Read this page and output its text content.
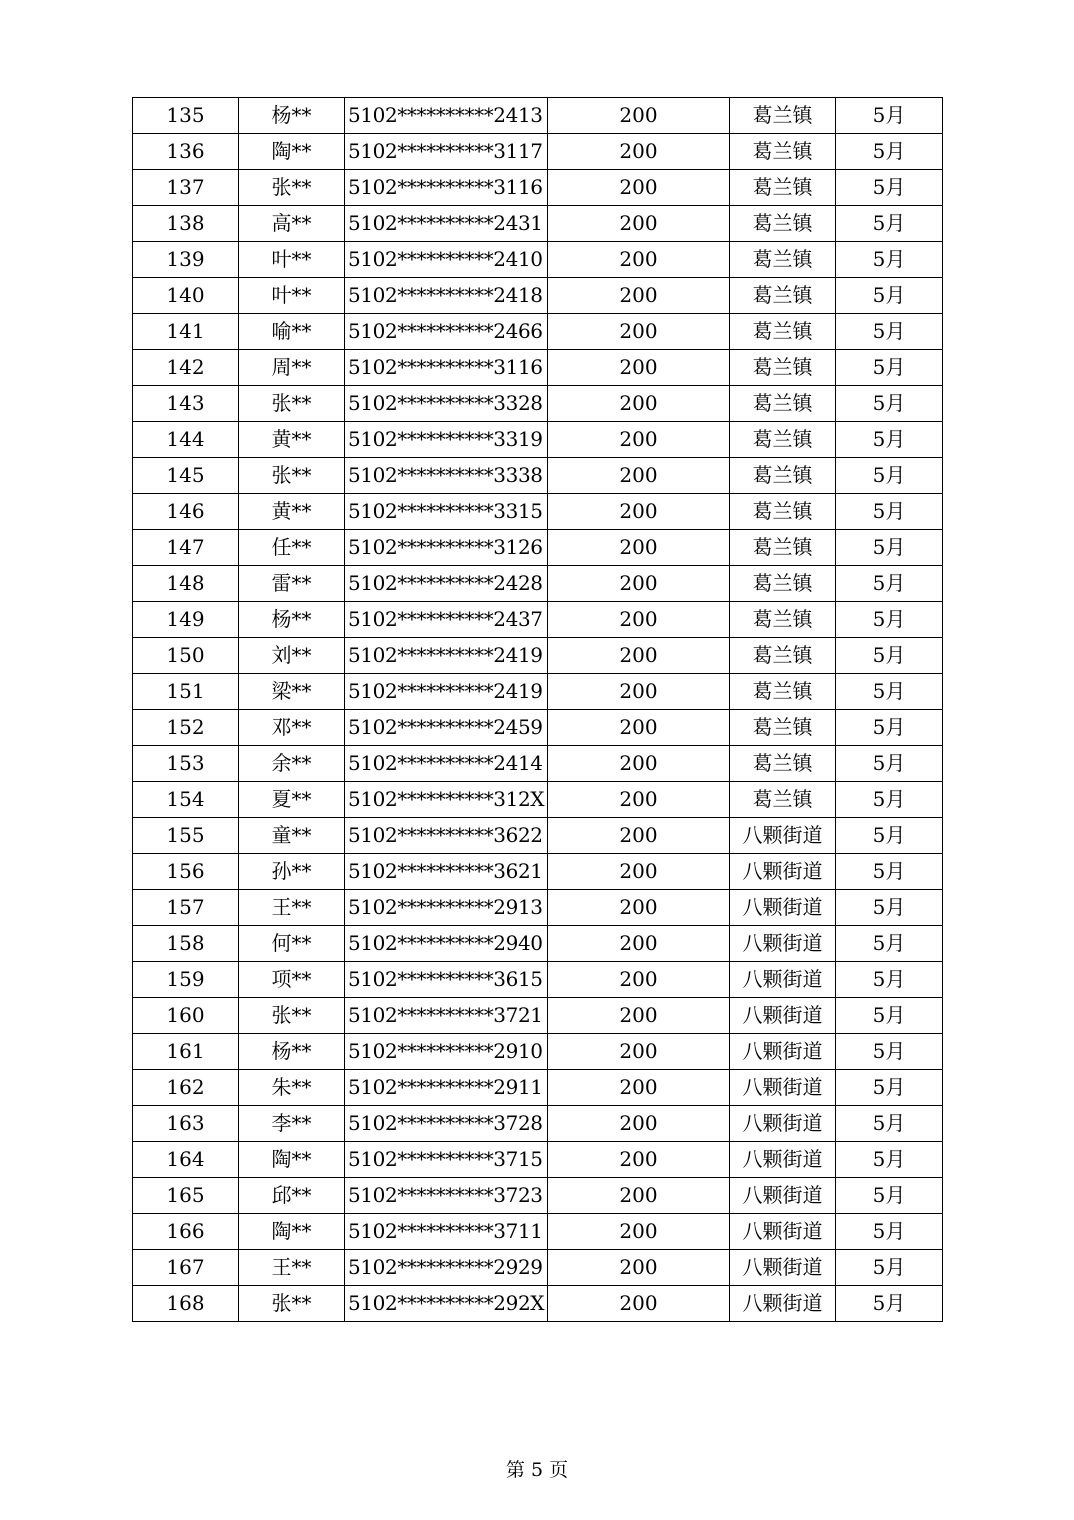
135	杨**	5102**********2413	200	葛兰镇	5月
136	陶**	5102**********3117	200	葛兰镇	5月
137	张**	5102**********3116	200	葛兰镇	5月
138	高**	5102**********2431	200	葛兰镇	5月
139	叶**	5102**********2410	200	葛兰镇	5月
140	叶**	5102**********2418	200	葛兰镇	5月
141	喻**	5102**********2466	200	葛兰镇	5月
142	周**	5102**********3116	200	葛兰镇	5月
143	张**	5102**********3328	200	葛兰镇	5月
144	黄**	5102**********3319	200	葛兰镇	5月
145	张**	5102**********3338	200	葛兰镇	5月
146	黄**	5102**********3315	200	葛兰镇	5月
147	任**	5102**********3126	200	葛兰镇	5月
148	雷**	5102**********2428	200	葛兰镇	5月
149	杨**	5102**********2437	200	葛兰镇	5月
150	刘**	5102**********2419	200	葛兰镇	5月
151	梁**	5102**********2419	200	葛兰镇	5月
152	邓**	5102**********2459	200	葛兰镇	5月
153	余**	5102**********2414	200	葛兰镇	5月
154	夏**	5102**********312X	200	葛兰镇	5月
155	童**	5102**********3622	200	八颗街道	5月
156	孙**	5102**********3621	200	八颗街道	5月
157	王**	5102**********2913	200	八颗街道	5月
158	何**	5102**********2940	200	八颗街道	5月
159	项**	5102**********3615	200	八颗街道	5月
160	张**	5102**********3721	200	八颗街道	5月
161	杨**	5102**********2910	200	八颗街道	5月
162	朱**	5102**********2911	200	八颗街道	5月
163	李**	5102**********3728	200	八颗街道	5月
164	陶**	5102**********3715	200	八颗街道	5月
165	邱**	5102**********3723	200	八颗街道	5月
166	陶**	5102**********3711	200	八颗街道	5月
167	王**	5102**********2929	200	八颗街道	5月
168	张**	5102**********292X	200	八颗街道	5月
第 5 页
